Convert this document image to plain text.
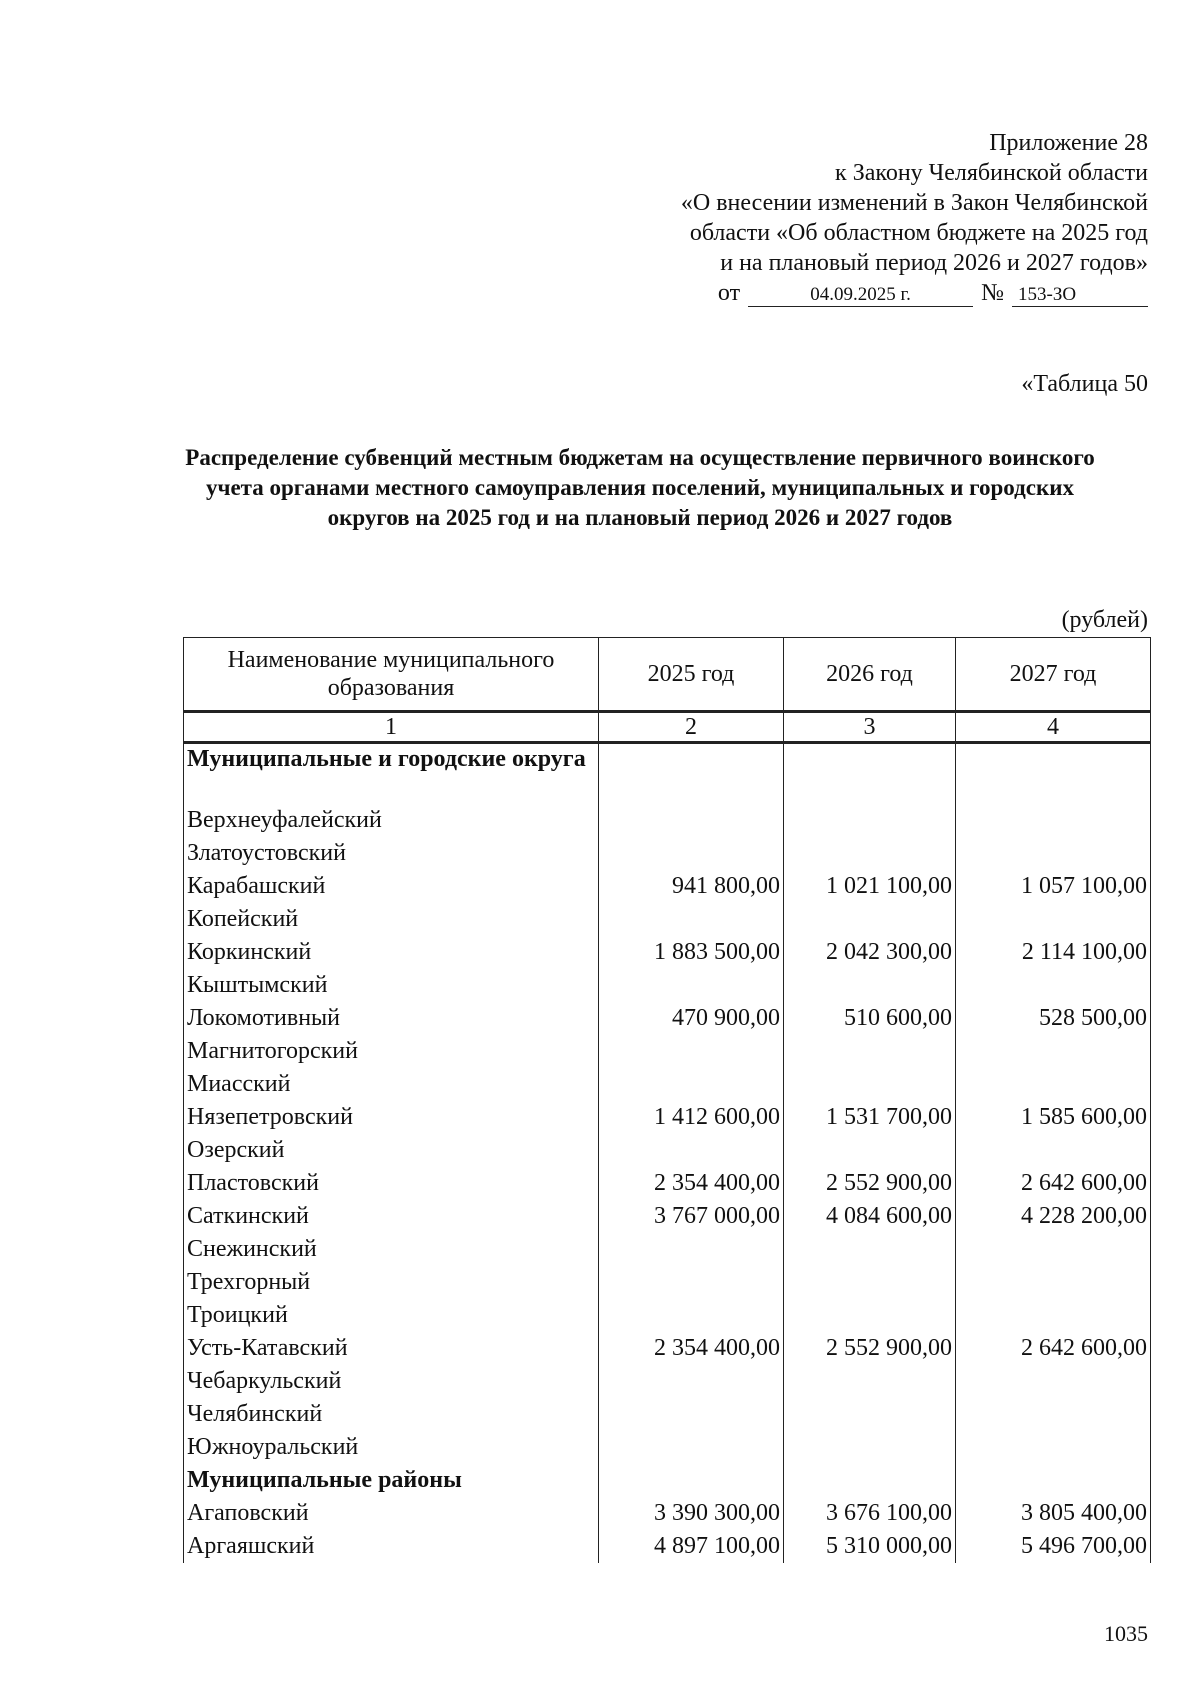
Приложение 28
к Закону Челябинской области
«О внесении изменений в Закон Челябинской
области «Об областном бюджете на 2025 год
и на плановый период 2026 и 2027 годов»
от	04.09.2025 г.	№ 153-ЗО
«Таблица 50
Распределение субвенций местным бюджетам на осуществление первичного воинского учета органами местного самоуправления поселений, муниципальных и городских округов на 2025 год и на плановый период 2026 и 2027 годов
(рублей)
Наименование муниципального образования	2025 год	2026 год	2027 год
1	2	3	4
Муниципальные и городские округа			
Верхнеуфалейский			
Златоустовский			
Карабашский	941 800,00	1 021 100,00	1 057 100,00
Копейский			
Коркинский	1 883 500,00	2 042 300,00	2 114 100,00
Кыштымский			
Локомотивный	470 900,00	510 600,00	528 500,00
Магнитогорский			
Миасский			
Нязепетровский	1 412 600,00	1 531 700,00	1 585 600,00
Озерский			
Пластовский	2 354 400,00	2 552 900,00	2 642 600,00
Саткинский	3 767 000,00	4 084 600,00	4 228 200,00
Снежинский			
Трехгорный			
Троицкий			
Усть-Катавский	2 354 400,00	2 552 900,00	2 642 600,00
Чебаркульский			
Челябинский			
Южноуральский			
Муниципальные районы			
Агаповский	3 390 300,00	3 676 100,00	3 805 400,00
Аргаяшский	4 897 100,00	5 310 000,00	5 496 700,00
1035
